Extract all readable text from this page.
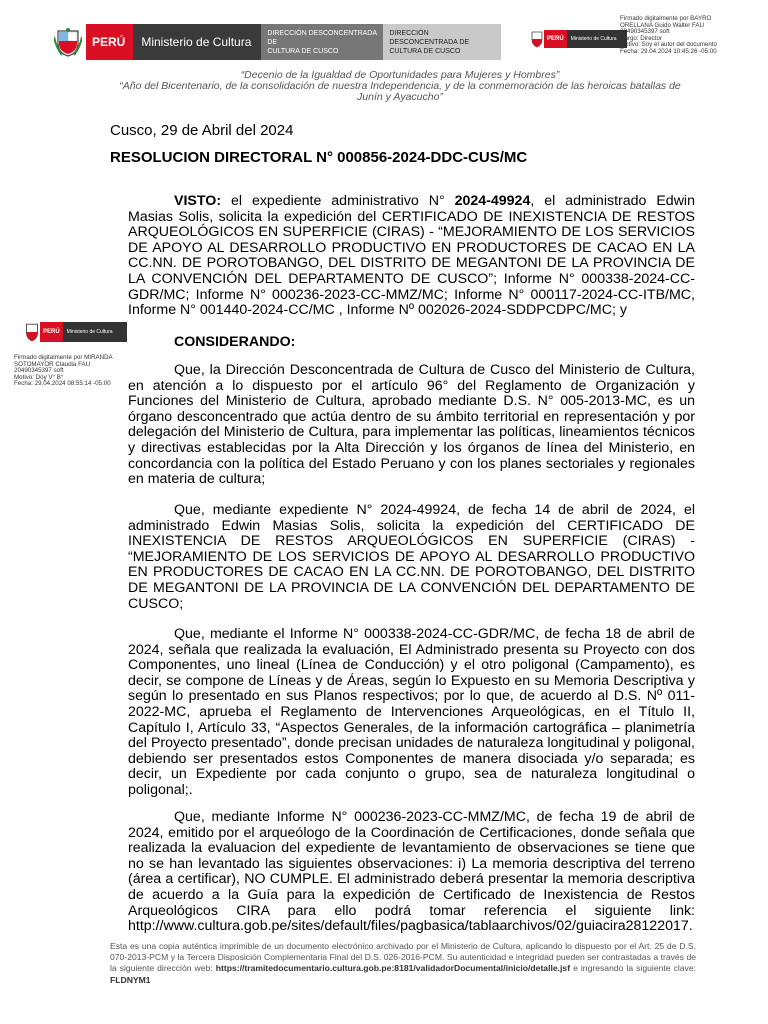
PERÚ Ministerio de Cultura
DIRECCIÓN DESCONCENTRADA DE
CULTURA DE CUSCO
DIRECCIÓN DESCONCENTRADA DE
CULTURA DE CUSCO
PERÚ Ministerio de Cultura
Firmado digitalmente por BAYRO
ORELLANA Guido Walter FAU
20490345397 soft
Cargo: Director
Motivo: Soy el autor del documento
Fecha: 29.04.2024 10:45:26 -05:00
“Decenio de la Igualdad de Oportunidades para Mujeres y Hombres”
“Año del Bicentenario, de la consolidación de nuestra Independencia, y de la conmemoración de las heroicas batallas de
Junín y Ayacucho”
PERÚ Ministerio de Cultura
Firmado digitalmente por MIRANDA
SOTOMAYOR Claudia FAU
20490345397 soft
Motivo: Doy V° B°
Fecha: 29.04.2024 08:55:14 -05:00
Cusco, 29 de Abril del 2024
RESOLUCION DIRECTORAL N° 000856-2024-DDC-CUS/MC
VISTO: el expediente administrativo N° 2024-49924, el administrado Edwin Masias Solis, solicita la expedición del CERTIFICADO DE INEXISTENCIA DE RESTOS ARQUEOLÓGICOS EN SUPERFICIE (CIRAS) - “MEJORAMIENTO DE LOS SERVICIOS DE APOYO AL DESARROLLO PRODUCTIVO EN PRODUCTORES DE CACAO EN LA CC.NN. DE POROTOBANGO, DEL DISTRITO DE MEGANTONI DE LA PROVINCIA DE LA CONVENCIÓN DEL DEPARTAMENTO DE CUSCO”; Informe N° 000338-2024-CC-GDR/MC; Informe N° 000236-2023-CC-MMZ/MC; Informe N° 000117-2024-CC-ITB/MC, Informe N° 001440-2024-CC/MC , Informe Nº 002026-2024-SDDPCDPC/MC; y
CONSIDERANDO:
Que, la Dirección Desconcentrada de Cultura de Cusco del Ministerio de Cultura, en atención a lo dispuesto por el artículo 96° del Reglamento de Organización y Funciones del Ministerio de Cultura, aprobado mediante D.S. N° 005-2013-MC, es un órgano desconcentrado que actúa dentro de su ámbito territorial en representación y por delegación del Ministerio de Cultura, para implementar las políticas, lineamientos técnicos y directivas establecidas por la Alta Dirección y los órganos de línea del Ministerio, en concordancia con la política del Estado Peruano y con los planes sectoriales y regionales en materia de cultura;
Que, mediante expediente N° 2024-49924, de fecha 14 de abril de 2024, el administrado Edwin Masias Solis, solicita la expedición del CERTIFICADO DE INEXISTENCIA DE RESTOS ARQUEOLÓGICOS EN SUPERFICIE (CIRAS) - “MEJORAMIENTO DE LOS SERVICIOS DE APOYO AL DESARROLLO PRODUCTIVO EN PRODUCTORES DE CACAO EN LA CC.NN. DE POROTOBANGO, DEL DISTRITO DE MEGANTONI DE LA PROVINCIA DE LA CONVENCIÓN DEL DEPARTAMENTO DE CUSCO;
Que, mediante el Informe N° 000338-2024-CC-GDR/MC, de fecha 18 de abril de 2024, señala que realizada la evaluación, El Administrado presenta su Proyecto con dos Componentes, uno lineal (Línea de Conducción) y el otro poligonal (Campamento), es decir, se compone de Líneas y de Áreas, según lo Expuesto en su Memoria Descriptiva y según lo presentado en sus Planos respectivos; por lo que, de acuerdo al D.S. Nº 011-2022-MC, aprueba el Reglamento de Intervenciones Arqueológicas, en el Título II, Capítulo I, Artículo 33, “Aspectos Generales, de la información cartográfica – planimetría del Proyecto presentado”, donde precisan unidades de naturaleza longitudinal y poligonal, debiendo ser presentados estos Componentes de manera disociada y/o separada; es decir, un Expediente por cada conjunto o grupo, sea de naturaleza longitudinal o poligonal;.
Que, mediante Informe N° 000236-2023-CC-MMZ/MC, de fecha 19 de abril de 2024, emitido por el arqueólogo de la Coordinación de Certificaciones, donde señala que realizada la evaluacion del expediente de levantamiento de observaciones se tiene que no se han levantado las siguientes observaciones: i) La memoria descriptiva del terreno (área a certificar), NO CUMPLE. El administrado deberá presentar la memoria descriptiva de acuerdo a la Guía para la expedición de Certificado de Inexistencia de Restos Arqueológicos CIRA para ello podrá tomar referencia el siguiente link: http://www.cultura.gob.pe/sites/default/files/pagbasica/tablaarchivos/02/guiacira28122017.
Esta es una copia auténtica imprimible de un documento electrónico archivado por el Ministerio de Cultura, aplicando lo dispuesto por el Art. 25 de D.S. 070-2013-PCM y la Tercera Disposición Complementaria Final del D.S. 026-2016-PCM. Su autenticidad e integridad pueden ser contrastadas a través de la siguiente dirección web: https://tramitedocumentario.cultura.gob.pe:8181/validadorDocumental/inicio/detalle.jsf e ingresando la siguiente clave: FLDNYM1
